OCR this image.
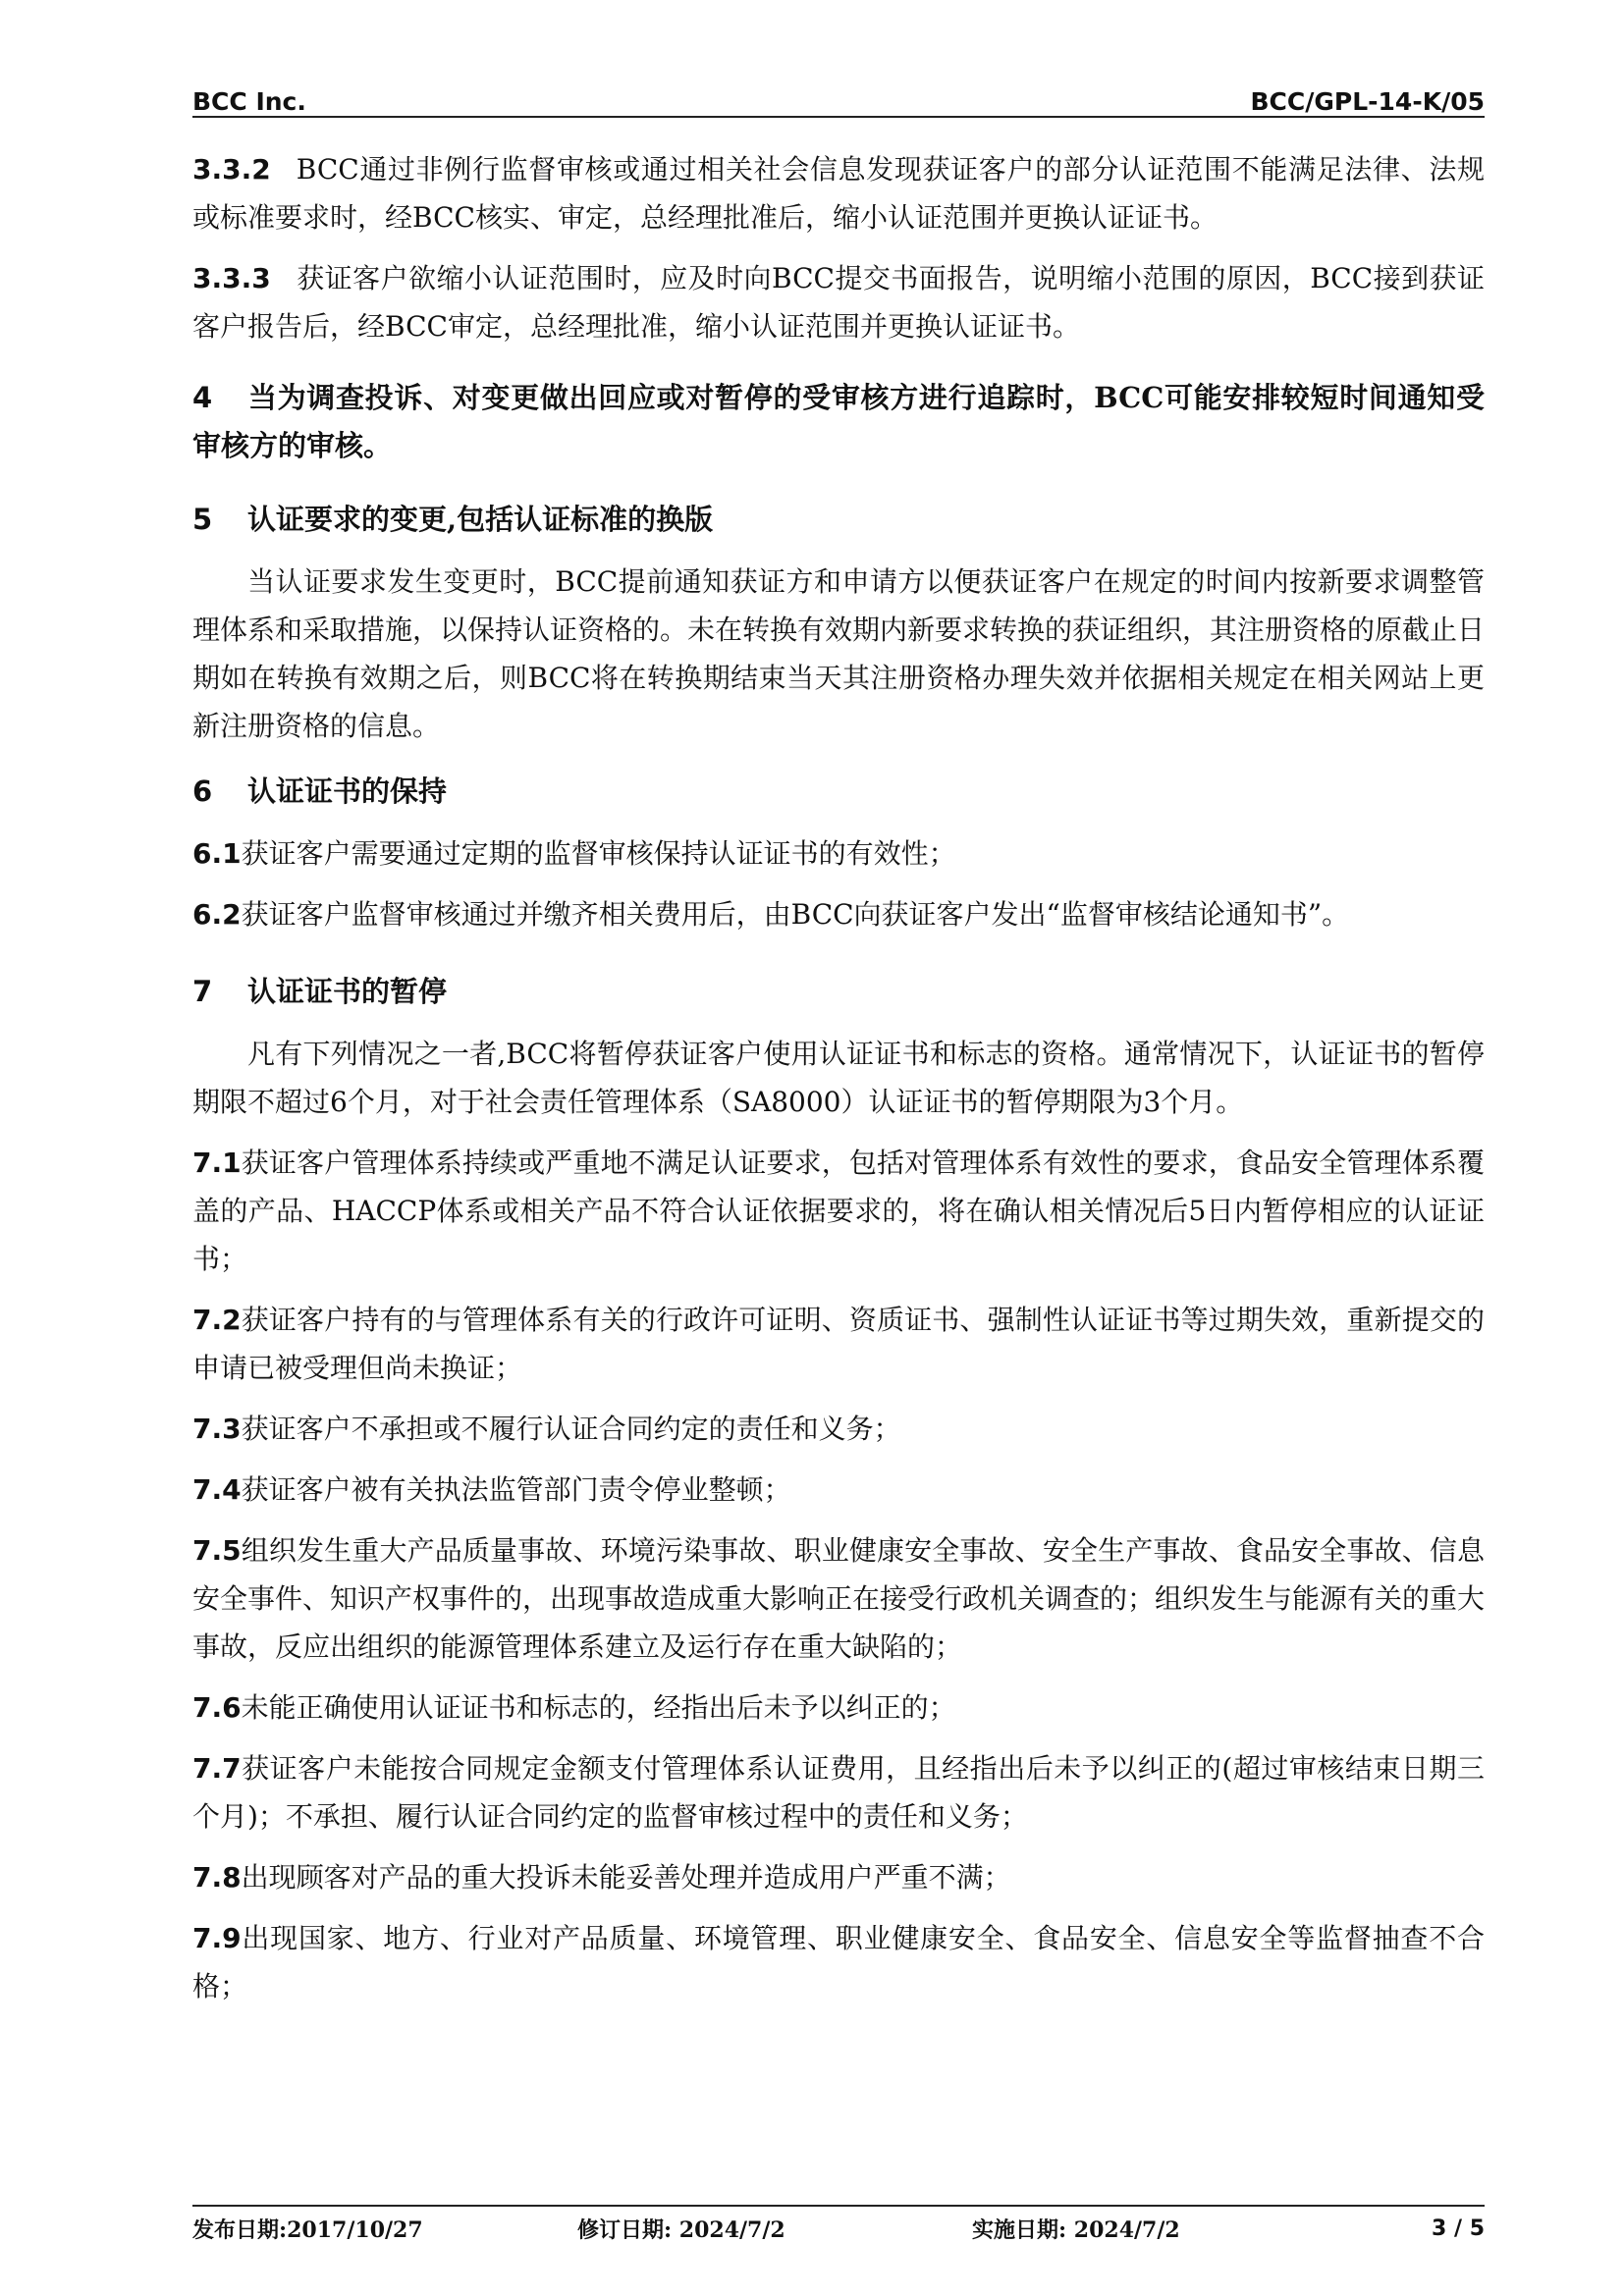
BCC Inc.	BCC/GPL-14-K/05

3.3.2 BCC通过非例行监督审核或通过相关社会信息发现获证客户的部分认证范围不能满足法律、法规或标准要求时，经BCC核实、审定，总经理批准后，缩小认证范围并更换认证证书。

3.3.3 获证客户欲缩小认证范围时，应及时向BCC提交书面报告，说明缩小范围的原因，BCC接到获证客户报告后，经BCC审定，总经理批准，缩小认证范围并更换认证证书。

4 当为调查投诉、对变更做出回应或对暂停的受审核方进行追踪时，BCC可能安排较短时间通知受审核方的审核。

5 认证要求的变更,包括认证标准的换版

当认证要求发生变更时，BCC提前通知获证方和申请方以便获证客户在规定的时间内按新要求调整管理体系和采取措施，以保持认证资格的。未在转换有效期内新要求转换的获证组织，其注册资格的原截止日期如在转换有效期之后，则BCC将在转换期结束当天其注册资格办理失效并依据相关规定在相关网站上更新注册资格的信息。

6 认证证书的保持

6.1获证客户需要通过定期的监督审核保持认证证书的有效性；

6.2获证客户监督审核通过并缴齐相关费用后，由BCC向获证客户发出“监督审核结论通知书”。

7 认证证书的暂停

凡有下列情况之一者,BCC将暂停获证客户使用认证证书和标志的资格。通常情况下，认证证书的暂停期限不超过6个月，对于社会责任管理体系（SA8000）认证证书的暂停期限为3个月。

7.1获证客户管理体系持续或严重地不满足认证要求，包括对管理体系有效性的要求，食品安全管理体系覆盖的产品、HACCP体系或相关产品不符合认证依据要求的，将在确认相关情况后5日内暂停相应的认证证书；

7.2获证客户持有的与管理体系有关的行政许可证明、资质证书、强制性认证证书等过期失效，重新提交的申请已被受理但尚未换证；

7.3获证客户不承担或不履行认证合同约定的责任和义务；

7.4获证客户被有关执法监管部门责令停业整顿；

7.5组织发生重大产品质量事故、环境污染事故、职业健康安全事故、安全生产事故、食品安全事故、信息安全事件、知识产权事件的，出现事故造成重大影响正在接受行政机关调查的；组织发生与能源有关的重大事故，反应出组织的能源管理体系建立及运行存在重大缺陷的；

7.6未能正确使用认证证书和标志的，经指出后未予以纠正的；

7.7获证客户未能按合同规定金额支付管理体系认证费用，且经指出后未予以纠正的(超过审核结束日期三个月)；不承担、履行认证合同约定的监督审核过程中的责任和义务；

7.8出现顾客对产品的重大投诉未能妥善处理并造成用户严重不满；

7.9出现国家、地方、行业对产品质量、环境管理、职业健康安全、食品安全、信息安全等监督抽查不合格；

发布日期:2017/10/27	修订日期: 2024/7/2	实施日期: 2024/7/2	3 / 5
